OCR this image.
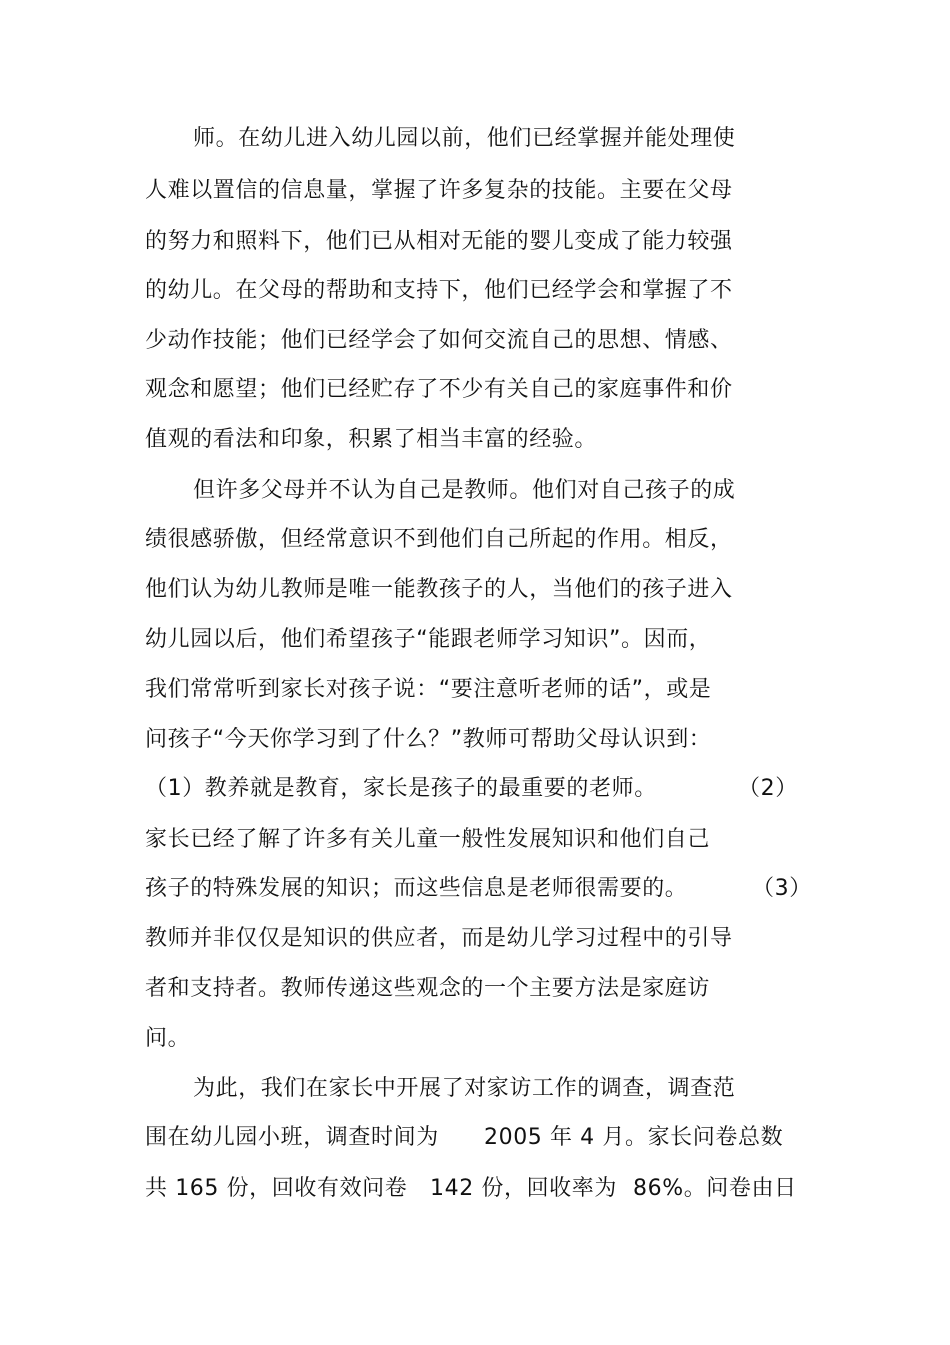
师。在幼儿进入幼儿园以前，他们已经掌握并能处理使
人难以置信的信息量，掌握了许多复杂的技能。主要在父母
的努力和照料下，他们已从相对无能的婴儿变成了能力较强
的幼儿。在父母的帮助和支持下，他们已经学会和掌握了不
少动作技能；他们已经学会了如何交流自己的思想、情感、
观念和愿望；他们已经贮存了不少有关自己的家庭事件和价
值观的看法和印象，积累了相当丰富的经验。
但许多父母并不认为自己是教师。他们对自己孩子的成
绩很感骄傲，但经常意识不到他们自己所起的作用。相反，
他们认为幼儿教师是唯一能教孩子的人，当他们的孩子进入
幼儿园以后，他们希望孩子“能跟老师学习知识”。因而，
我们常常听到家长对孩子说：“要注意听老师的话”，或是
问孩子“今天你学习到了什么？”教师可帮助父母认识到：
（1）教养就是教育，家长是孩子的最重要的老师。	（2）
家长已经了解了许多有关儿童一般性发展知识和他们自己
孩子的特殊发展的知识；而这些信息是老师很需要的。	（3）
教师并非仅仅是知识的供应者，而是幼儿学习过程中的引导
者和支持者。教师传递这些观念的一个主要方法是家庭访
问。
为此，我们在家长中开展了对家访工作的调查，调查范
围在幼儿园小班，调查时间为 2005 年 4 月。家长问卷总数
共 165 份，回收有效问卷 142 份，回收率为 86%。问卷由日
